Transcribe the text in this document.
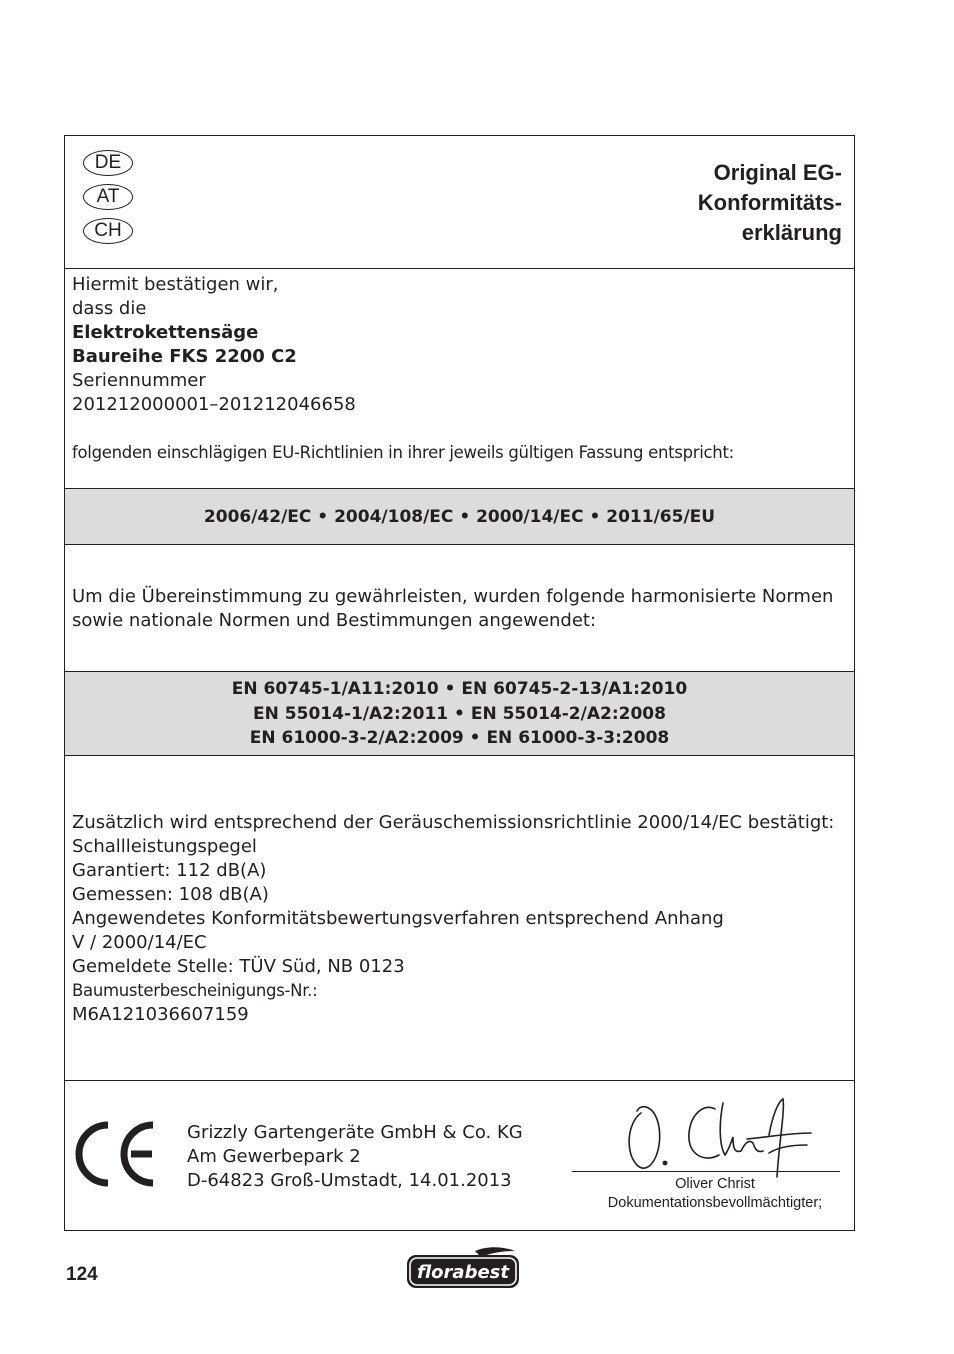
DE
AT
CH
Original EG-
Konformitäts-
erklärung
Hiermit bestätigen wir,
dass die
Elektrokettensäge
Baureihe FKS 2200 C2
Seriennummer
201212000001–201212046658
folgenden einschlägigen EU-Richtlinien in ihrer jeweils gültigen Fassung entspricht:
2006/42/EC • 2004/108/EC • 2000/14/EC • 2011/65/EU
Um die Übereinstimmung zu gewährleisten, wurden folgende harmonisierte Normen
sowie nationale Normen und Bestimmungen angewendet:
EN 60745-1/A11:2010 • EN 60745-2-13/A1:2010
EN 55014-1/A2:2011 • EN 55014-2/A2:2008
EN 61000-3-2/A2:2009 • EN 61000-3-3:2008
Zusätzlich wird entsprechend der Geräuschemissionsrichtlinie 2000/14/EC bestätigt:
Schallleistungspegel
Garantiert: 112 dB(A)
Gemessen: 108 dB(A)
Angewendetes Konformitätsbewertungsverfahren entsprechend Anhang
V / 2000/14/EC
Gemeldete Stelle: TÜV Süd, NB 0123
Baumusterbescheinigungs-Nr.:
M6A121036607159
Grizzly Gartengeräte GmbH & Co. KG
Am Gewerbepark 2
D-64823 Groß-Umstadt, 14.01.2013	Oliver Christ
Dokumentationsbevollmächtigter;
124	florabest
